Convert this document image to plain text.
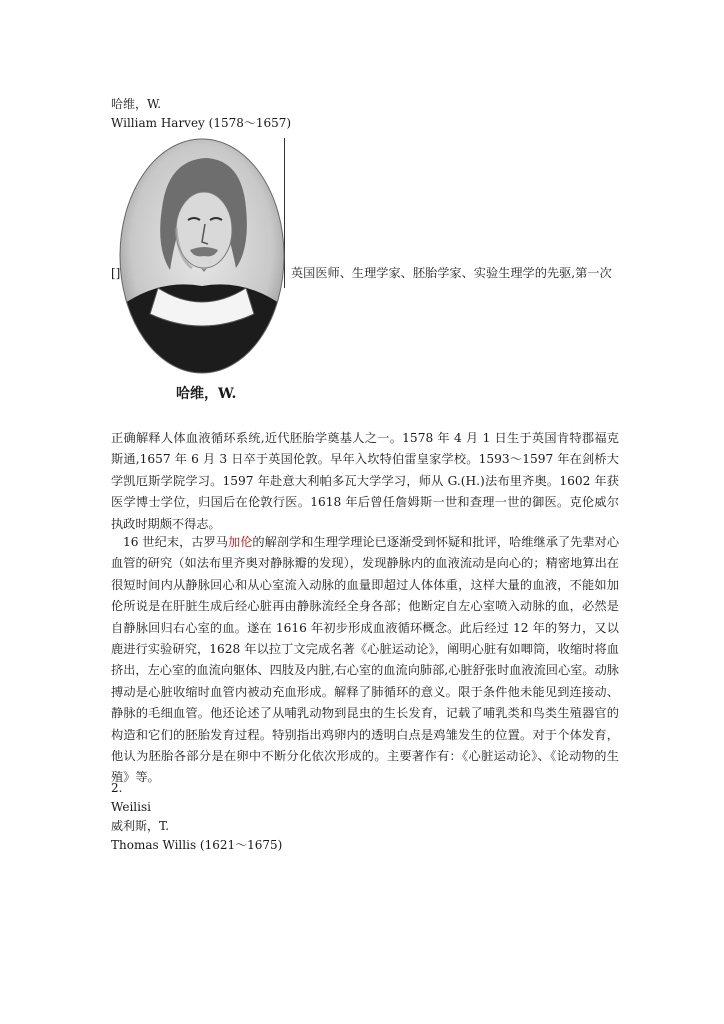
哈维，W.
William Harvey (1578～1657)
[]	英国医师、生理学家、胚胎学家、实验生理学的先驱,第一次
哈维，W.
正确解释人体血液循环系统,近代胚胎学奠基人之一。1578 年 4 月 1 日生于英国肯特郡福克斯通,1657 年 6 月 3 日卒于英国伦敦。早年入坎特伯雷皇家学校。1593～1597 年在剑桥大学凯厄斯学院学习。1597 年赴意大利帕多瓦大学学习，师从 G.(H.)法布里齐奥。1602 年获医学博士学位，归国后在伦敦行医。1618 年后曾任詹姆斯一世和查理一世的御医。克伦威尔执政时期颇不得志。
16 世纪末，古罗马加伦的解剖学和生理学理论已逐渐受到怀疑和批评，哈维继承了先辈对心血管的研究（如法布里齐奥对静脉瓣的发现），发现静脉内的血液流动是向心的；精密地算出在很短时间内从静脉回心和从心室流入动脉的血量即超过人体体重，这样大量的血液，不能如加伦所说是在肝脏生成后经心脏再由静脉流经全身各部；他断定自左心室喷入动脉的血，必然是自静脉回归右心室的血。遂在 1616 年初步形成血液循环概念。此后经过 12 年的努力，又以鹿进行实验研究，1628 年以拉丁文完成名著《心脏运动论》，阐明心脏有如唧筒，收缩时将血挤出，左心室的血流向躯体、四肢及内脏,右心室的血流向肺部,心脏舒张时血液流回心室。动脉搏动是心脏收缩时血管内被动充血形成。解释了肺循环的意义。限于条件他未能见到连接动、静脉的毛细血管。他还论述了从哺乳动物到昆虫的生长发育，记载了哺乳类和鸟类生殖器官的构造和它们的胚胎发育过程。特别指出鸡卵内的透明白点是鸡雏发生的位置。对于个体发育，他认为胚胎各部分是在卵中不断分化依次形成的。主要著作有：《心脏运动论》、《论动物的生殖》等。
2.
Weilisi
威利斯，T.
Thomas Willis (1621～1675)
